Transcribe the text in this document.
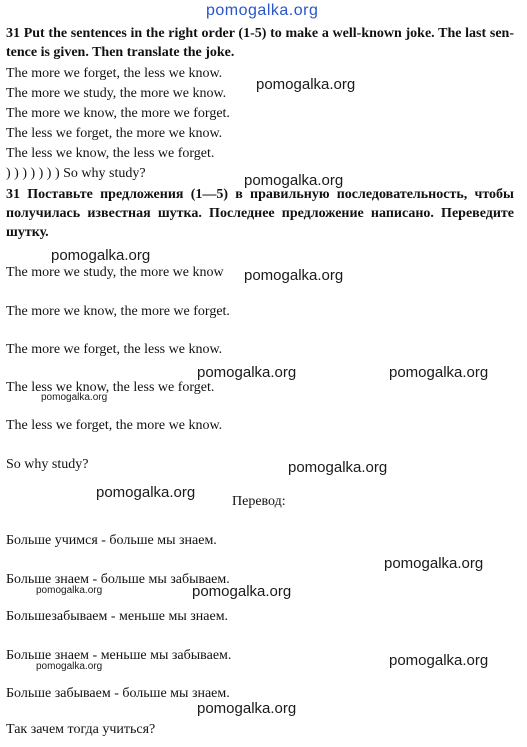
pomogalka.org
31 Put the sentences in the right order (1-5) to make a well-known joke. The last sen-tence is given. Then translate the joke.
The more we forget, the less we know.
The more we study, the more we know.
The more we know, the more we forget.
The less we forget, the more we know.
The less we know, the less we forget.
) ) ) ) ) ) ) So why study?
31 Поставьте предложения (1—5) в правильную последовательность, чтобы получилась известная шутка. Последнее предложение написано. Переведите шутку.
The more we study, the more we know
The more we know, the more we forget.
The more we forget, the less we know.
The less we know, the less we forget.
The less we forget, the more we know.
So why study?
Перевод:
Больше учимся - больше мы знаем.
Больше знаем - больше мы забываем.
Большезабываем - меньше мы знаем.
Больше знаем - меньше мы забываем.
Больше забываем - больше мы знаем.
Так зачем тогда учиться?
pomogalka.org
pomogalka.org
pomogalka.org
pomogalka.org
pomogalka.org	pomogalka.org
pomogalka.org
pomogalka.org
pomogalka.org
pomogalka.org
pomogalka.org	pomogalka.org
pomogalka.org	pomogalka.org
pomogalka.org
